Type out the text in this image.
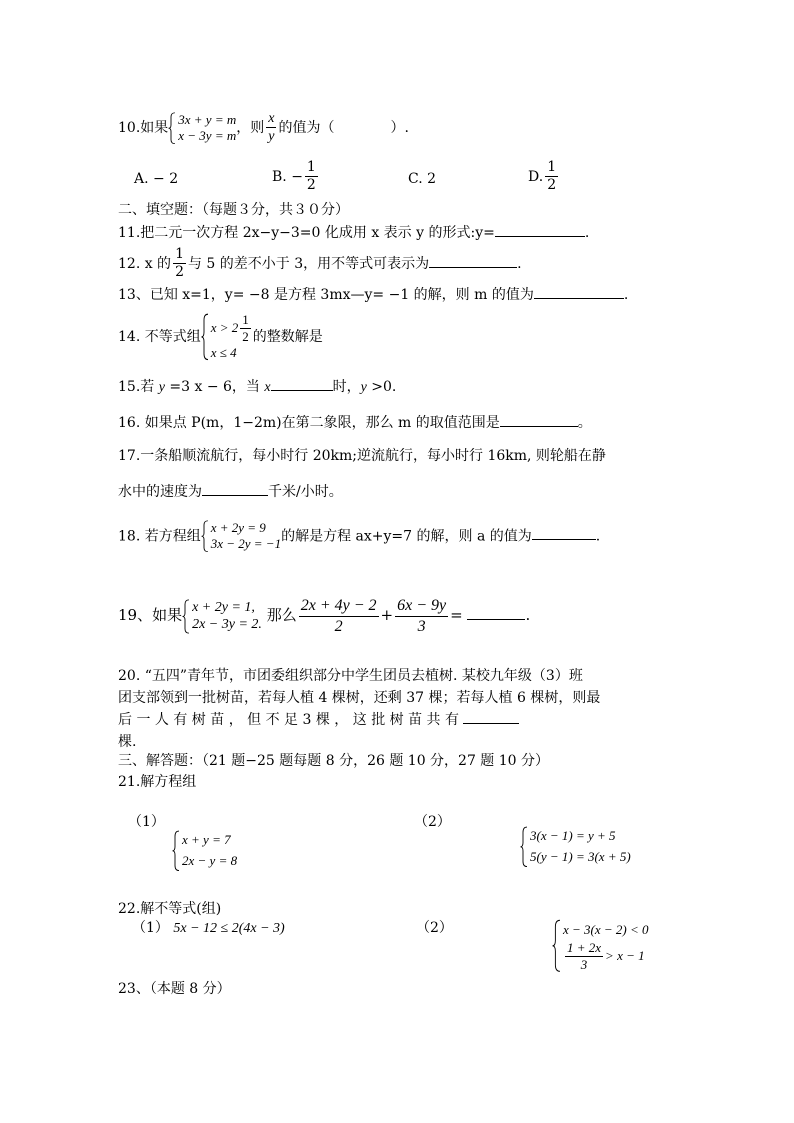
10.如果
3x + y = m
x − 3y = m ，则 $\frac{x}{y}$ 的值为（　　　　）.
A. − 2	B. − $\frac{1}{2}$	C. 2	D. $\frac{1}{2}$
二、填空题：（每题３分，共３０分）
11.把二元一次方程 2x−y−3=0 化成用 x 表示 y 的形式:y=	.
12. x 的 $\frac{1}{2}$ 与 5 的差不小于 3，用不等式可表示为	.
13、已知 x=1，y= −8 是方程 3mx—y= −1 的解，则 m 的值为	.
14. 不等式组
$x > 2 \frac{1}{2}$
x ≤ 4
的整数解是
15.若 y =3 x − 6，当 x	时，y >0.
16. 如果点 P(m，1−2m)在第二象限，那么 m 的取值范围是	。
17.一条船顺流航行，每小时行 20km;逆流航行，每小时行 16km, 则轮船在静
水中的速度为	千米/小时。
18. 若方程组
x + 2y = 9
3x − 2y = −1 的解是方程 ax+y=7 的解，则 a 的值为	.
19、如果 x + 2y = 1,
2x − 3y = 2.
那么 $\frac{2x + 4y - 2}{2} + \frac{6x - 9y}{3}$ =	.
20. “五四”青年节，市团委组织部分中学生团员去植树. 某校九年级（3）班
团支部领到一批树苗，若每人植 4 棵树，还剩 37 棵；若每人植 6 棵树，则最
后 一 人 有 树 苗 ， 但 不 足 3 棵 ， 这 批 树 苗 共 有
棵.
三、解答题：（21 题−25 题每题 8 分，26 题 10 分，27 题 10 分）
21.解方程组
（1）
x + y = 7
2x − y = 8
（2）
3(x − 1) = y + 5
5(y − 1) = 3(x + 5)
22.解不等式(组)
（1） 5x − 12 ≤ 2(4x − 3)	（2）	x − 3(x − 2) < 0
$\frac{1 + 2x}{3} > x - 1$
23、（本题 8 分）
